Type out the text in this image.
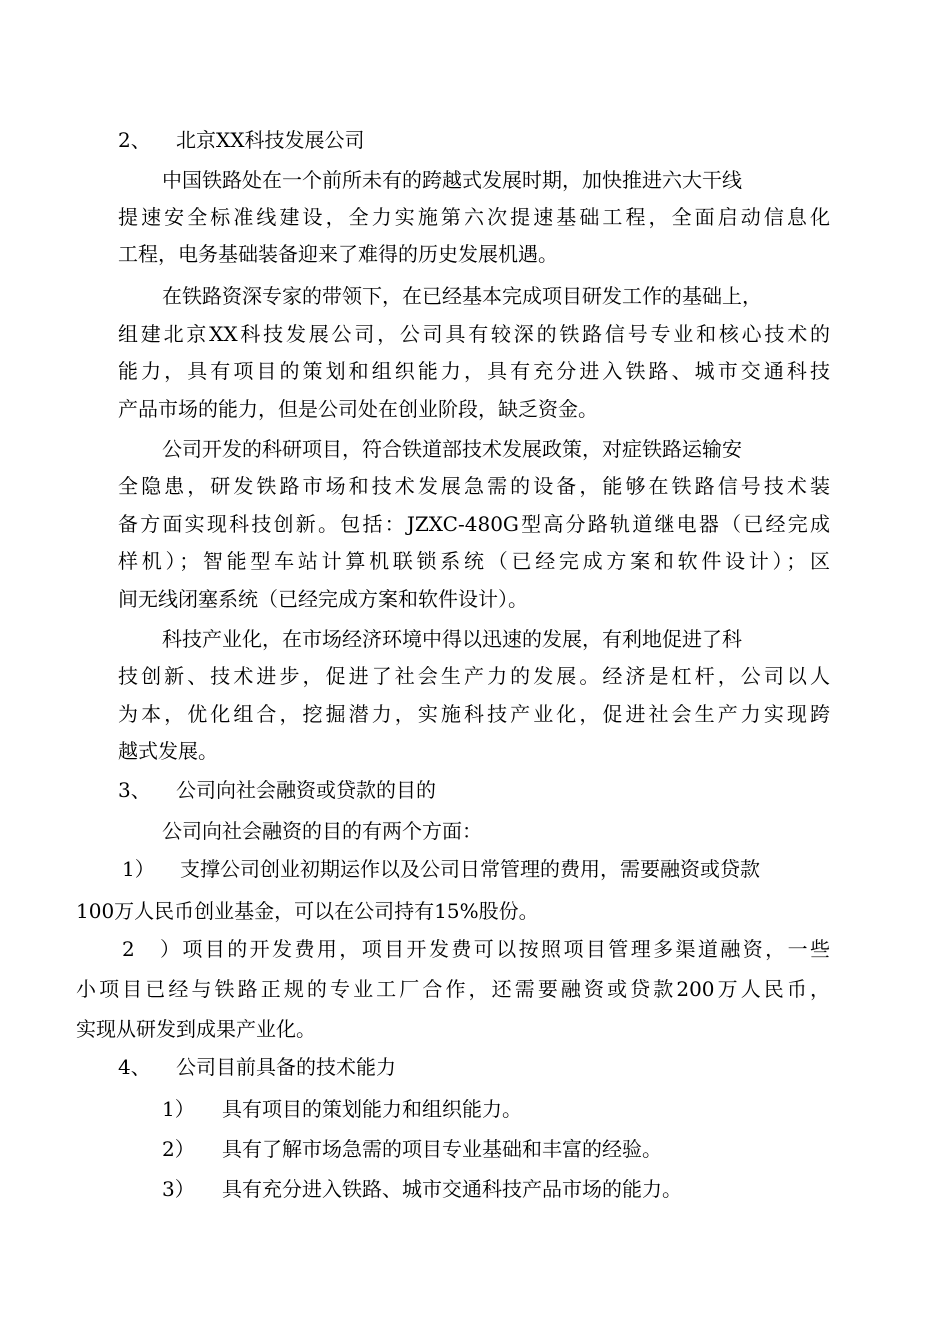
2、 北京XX科技发展公司
中国铁路处在一个前所未有的跨越式发展时期，加快推进六大干线
提速安全标准线建设，全力实施第六次提速基础工程，全面启动信息化
工程，电务基础装备迎来了难得的历史发展机遇。
在铁路资深专家的带领下，在已经基本完成项目研发工作的基础上，
组建北京XX科技发展公司，公司具有较深的铁路信号专业和核心技术的
能力，具有项目的策划和组织能力，具有充分进入铁路、城市交通科技
产品市场的能力，但是公司处在创业阶段，缺乏资金。
公司开发的科研项目，符合铁道部技术发展政策，对症铁路运输安
全隐患，研发铁路市场和技术发展急需的设备，能够在铁路信号技术装
备方面实现科技创新。包括：JZXC-480G型高分路轨道继电器（已经完成
样机）；智能型车站计算机联锁系统（已经完成方案和软件设计）；区
间无线闭塞系统（已经完成方案和软件设计）。
科技产业化，在市场经济环境中得以迅速的发展，有利地促进了科
技创新、技术进步，促进了社会生产力的发展。经济是杠杆，公司以人
为本，优化组合，挖掘潜力，实施科技产业化，促进社会生产力实现跨
越式发展。
3、 公司向社会融资或贷款的目的
公司向社会融资的目的有两个方面：
1） 支撑公司创业初期运作以及公司日常管理的费用，需要融资或贷款
100万人民币创业基金，可以在公司持有15%股份。
2）项目的开发费用，项目开发费可以按照项目管理多渠道融资，一些
小项目已经与铁路正规的专业工厂合作，还需要融资或贷款200万人民币，
实现从研发到成果产业化。
4、 公司目前具备的技术能力
1） 具有项目的策划能力和组织能力。
2） 具有了解市场急需的项目专业基础和丰富的经验。
3） 具有充分进入铁路、城市交通科技产品市场的能力。
